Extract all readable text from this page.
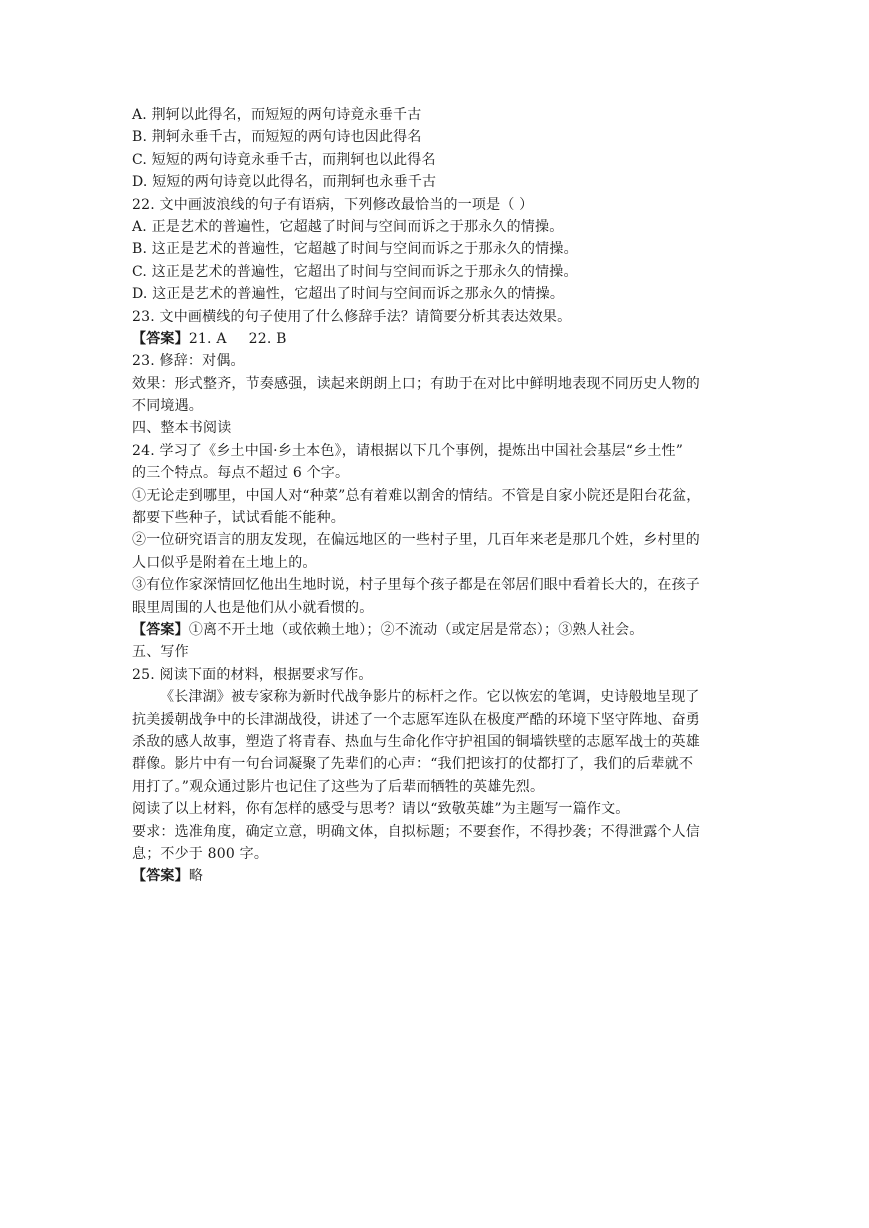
A. 荆轲以此得名，而短短的两句诗竟永垂千古
B. 荆轲永垂千古，而短短的两句诗也因此得名
C. 短短的两句诗竟永垂千古，而荆轲也以此得名
D. 短短的两句诗竟以此得名，而荆轲也永垂千古
22. 文中画波浪线的句子有语病，下列修改最恰当的一项是（ ）
A. 正是艺术的普遍性，它超越了时间与空间而诉之于那永久的情操。
B. 这正是艺术的普遍性，它超越了时间与空间而诉之于那永久的情操。
C. 这正是艺术的普遍性，它超出了时间与空间而诉之于那永久的情操。
D. 这正是艺术的普遍性，它超出了时间与空间而诉之那永久的情操。
23. 文中画横线的句子使用了什么修辞手法？请简要分析其表达效果。
【答案】21. A 22. B
23. 修辞：对偶。
效果：形式整齐，节奏感强，读起来朗朗上口；有助于在对比中鲜明地表现不同历史人物的
不同境遇。
四、整本书阅读
24. 学习了《乡土中国·乡土本色》，请根据以下几个事例，提炼出中国社会基层“乡土性”
的三个特点。每点不超过 6 个字。
①无论走到哪里，中国人对“种菜”总有着难以割舍的情结。不管是自家小院还是阳台花盆，
都要下些种子，试试看能不能种。
②一位研究语言的朋友发现，在偏远地区的一些村子里，几百年来老是那几个姓，乡村里的
人口似乎是附着在土地上的。
③有位作家深情回忆他出生地时说，村子里每个孩子都是在邻居们眼中看着长大的，在孩子
眼里周围的人也是他们从小就看惯的。
【答案】①离不开土地（或依赖土地）；②不流动（或定居是常态）；③熟人社会。
五、写作
25. 阅读下面的材料，根据要求写作。
《长津湖》被专家称为新时代战争影片的标杆之作。它以恢宏的笔调，史诗般地呈现了
抗美援朝战争中的长津湖战役，讲述了一个志愿军连队在极度严酷的环境下坚守阵地、奋勇
杀敌的感人故事，塑造了将青春、热血与生命化作守护祖国的铜墙铁壁的志愿军战士的英雄
群像。影片中有一句台词凝聚了先辈们的心声：“我们把该打的仗都打了，我们的后辈就不
用打了。”观众通过影片也记住了这些为了后辈而牺牲的英雄先烈。
阅读了以上材料，你有怎样的感受与思考？请以“致敬英雄”为主题写一篇作文。
要求：选准角度，确定立意，明确文体，自拟标题；不要套作，不得抄袭；不得泄露个人信
息；不少于 800 字。
【答案】略
